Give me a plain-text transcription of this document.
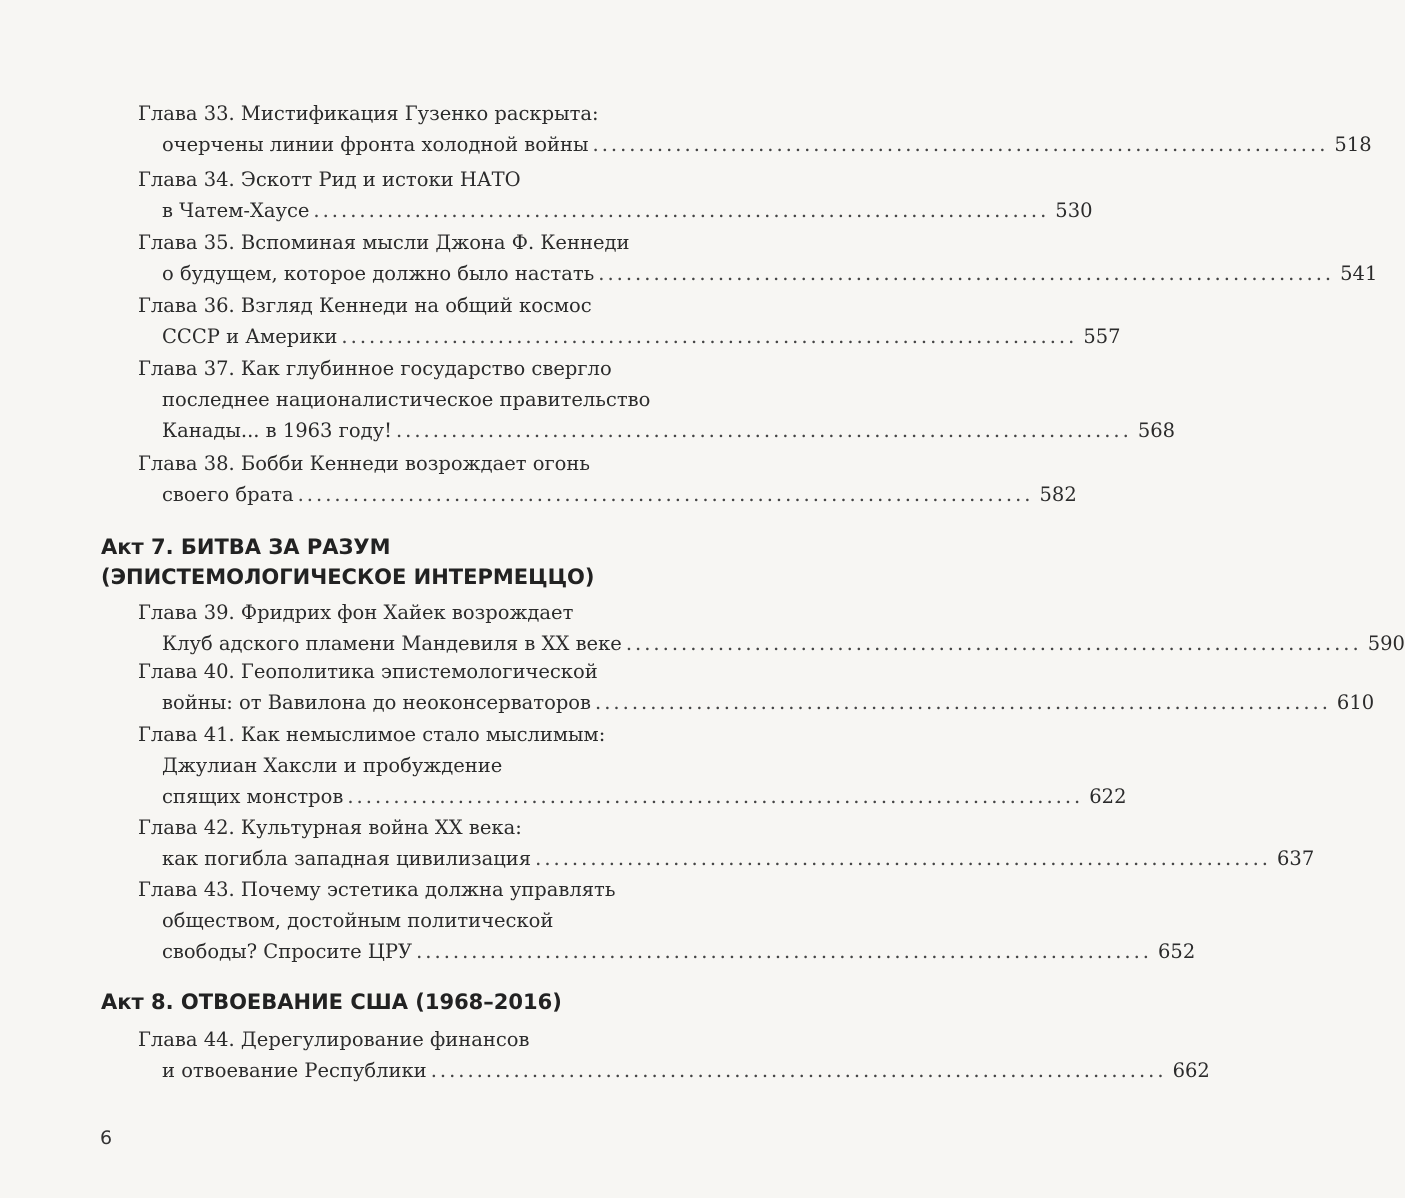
Глава 33. Мистификация Гузенко раскрыта:
очерчены линии фронта холодной войны ................................................................................ 518
Глава 34. Эскотт Рид и истоки НАТО
в Чатем-Хаусе ................................................................................ 530
Глава 35. Вспоминая мысли Джона Ф. Кеннеди
о будущем, которое должно было настать ................................................................................ 541
Глава 36. Взгляд Кеннеди на общий космос
СССР и Америки ................................................................................ 557
Глава 37. Как глубинное государство свергло
последнее националистическое правительство
Канады... в 1963 году! ................................................................................ 568
Глава 38. Бобби Кеннеди возрождает огонь
своего брата ................................................................................ 582
Акт 7. БИТВА ЗА РАЗУМ
(ЭПИСТЕМОЛОГИЧЕСКОЕ ИНТЕРМЕЦЦО)
Глава 39. Фридрих фон Хайек возрождает
Клуб адского пламени Мандевиля в XX веке ................................................................................ 590
Глава 40. Геополитика эпистемологической
войны: от Вавилона до неоконсерваторов ................................................................................ 610
Глава 41. Как немыслимое стало мыслимым:
Джулиан Хаксли и пробуждение
спящих монстров ................................................................................ 622
Глава 42. Культурная война XX века:
как погибла западная цивилизация ................................................................................ 637
Глава 43. Почему эстетика должна управлять
обществом, достойным политической
свободы? Спросите ЦРУ ................................................................................ 652
Акт 8. ОТВОЕВАНИЕ США (1968–2016)
Глава 44. Дерегулирование финансов
и отвоевание Республики ................................................................................ 662
6
